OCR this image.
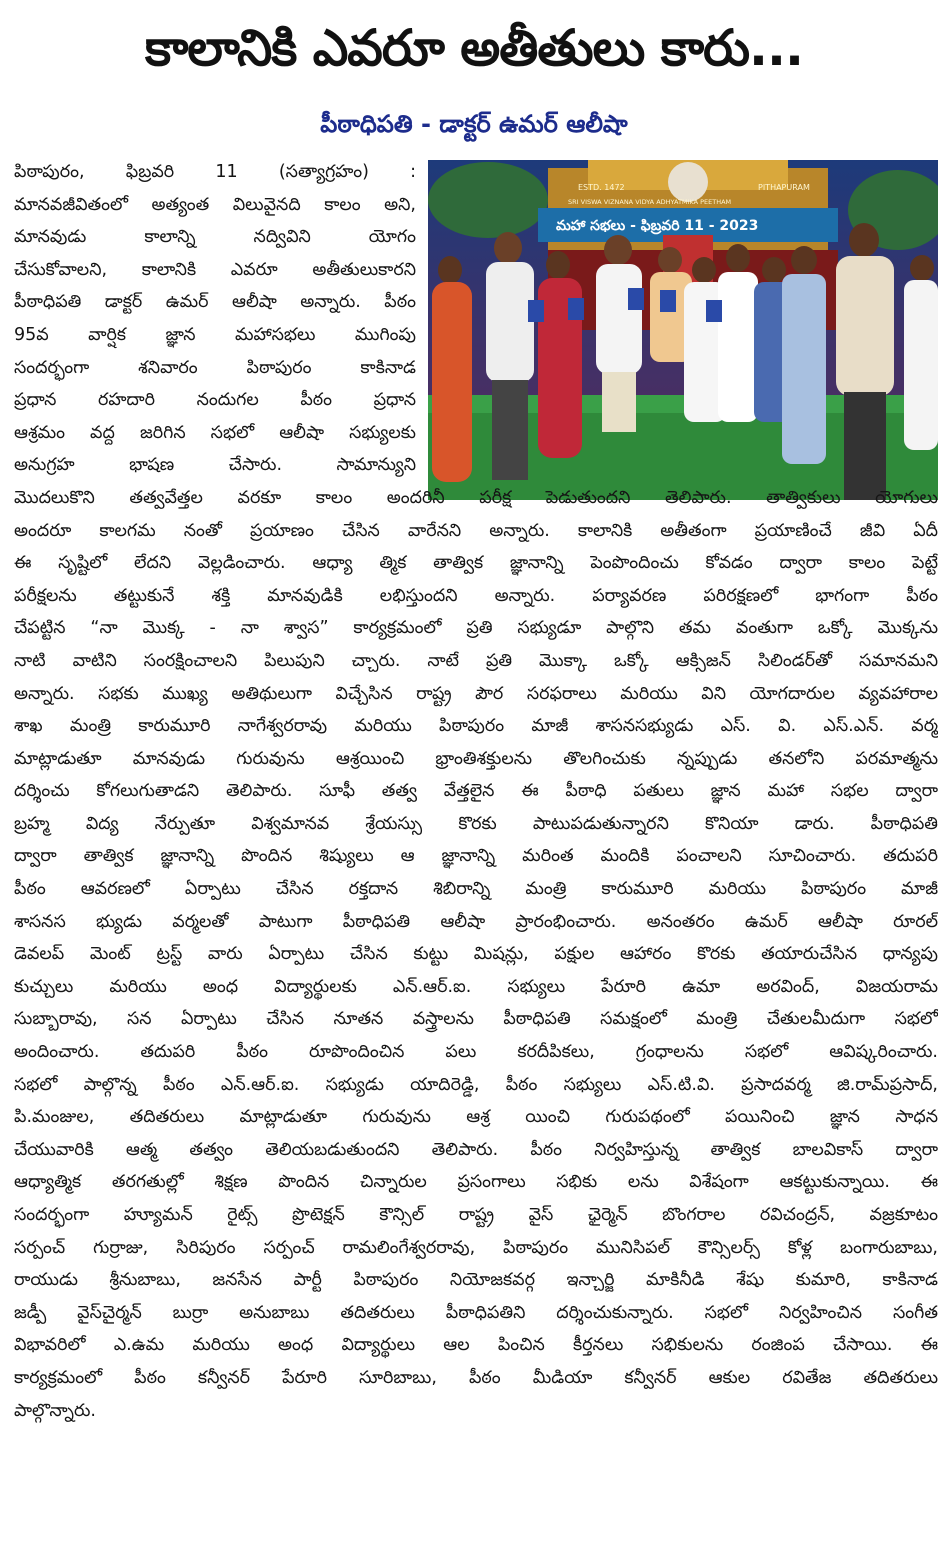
కాలానికి ఎవరూ అతీతులు కారు...
పీఠాధిపతి - డాక్టర్ ఉమర్ ఆలీషా
ESTD. 1472	PITHAPURAM
SRI VISWA VIZNANA VIDYA ADHYATMIKA PEETHAM
మహా సభలు - ఫిబ్రవరి 11 - 2023
పిఠాపురం, ఫిబ్రవరి 11 (సత్యాగ్రహం) :
మానవజీవితంలో అత్యంత విలువైనది కాలం అని,
మానవుడు కాలాన్ని నద్వివిని యోగం
చేసుకోవాలని, కాలానికి ఎవరూ అతీతులుకారని
పీఠాధిపతి డాక్టర్ ఉమర్ ఆలీషా అన్నారు. పీఠం
95వ వార్షిక జ్ఞాన మహాసభలు ముగింపు
సందర్భంగా శనివారం పిఠాపురం కాకినాడ
ప్రధాన రహదారి నందుగల పీఠం ప్రధాన
ఆశ్రమం వద్ద జరిగిన సభలో ఆలీషా సభ్యులకు
అనుగ్రహ భాషణ చేసారు. సామాన్యుని
మొదలుకొని తత్వవేత్తల వరకూ కాలం అందరినీ పరీక్ష పెడుతుందని తెలిపారు. తాత్వికులు యోగులు
అందరూ కాలగమ నంతో ప్రయాణం చేసిన వారేనని అన్నారు. కాలానికి అతీతంగా ప్రయాణించే జీవి ఏదీ
ఈ సృష్టిలో లేదని వెల్లడించారు. ఆధ్యా త్మిక తాత్విక జ్ఞానాన్ని పెంపొందించు కోవడం ద్వారా కాలం పెట్టే
పరీక్షలను తట్టుకునే శక్తి మానవుడికి లభిస్తుందని అన్నారు. పర్యావరణ పరిరక్షణలో భాగంగా పీఠం
చేపట్టిన “నా మొక్క - నా శ్వాస” కార్యక్రమంలో ప్రతి సభ్యుడూ పాల్గొని తమ వంతుగా ఒక్కో మొక్కను
నాటి వాటిని సంరక్షించాలని పిలుపుని చ్చారు. నాటే ప్రతి మొక్కా ఒక్కో ఆక్సిజన్ సిలిండర్‌తో సమానమని
అన్నారు. సభకు ముఖ్య అతిథులుగా విచ్చేసిన రాష్ట్ర పౌర సరఫరాలు మరియు విని యోగదారుల వ్యవహారాల
శాఖ మంత్రి కారుమూరి నాగేశ్వరరావు మరియు పిఠాపురం మాజీ శాసనసభ్యుడు ఎస్. వి. ఎస్.ఎన్. వర్మ
మాట్లాడుతూ మానవుడు గురువును ఆశ్రయించి భ్రాంతిశక్తులను తొలగించుకు న్నప్పుడు తనలోని పరమాత్మను
దర్శించు కోగలుగుతాడని తెలిపారు. సూఫీ తత్వ వేత్తలైన ఈ పీఠాధి పతులు జ్ఞాన మహా సభల ద్వారా
బ్రహ్మ విద్య నేర్పుతూ విశ్వమానవ శ్రేయస్సు కొరకు పాటుపడుతున్నారని కొనియా డారు. పీఠాధిపతి
ద్వారా తాత్విక జ్ఞానాన్ని పొందిన శిష్యులు ఆ జ్ఞానాన్ని మరింత మందికి పంచాలని సూచించారు. తదుపరి
పీఠం ఆవరణలో ఏర్పాటు చేసిన రక్తదాన శిబిరాన్ని మంత్రి కారుమూరి మరియు పిఠాపురం మాజీ
శాసనస భ్యుడు వర్మలతో పాటుగా పీఠాధిపతి ఆలీషా ప్రారంభించారు. అనంతరం ఉమర్ ఆలీషా రూరల్
డెవలప్ మెంట్ ట్రస్ట్ వారు ఏర్పాటు చేసిన కుట్టు మిషన్లు, పక్షుల ఆహారం కొరకు తయారుచేసిన ధాన్యపు
కుచ్చులు మరియు అంధ విద్యార్థులకు ఎన్.ఆర్.ఐ. సభ్యులు పేరూరి ఉమా అరవింద్, విజయరామ
సుబ్బారావు, సన ఏర్పాటు చేసిన నూతన వస్త్రాలను పీఠాధిపతి సమక్షంలో మంత్రి చేతులమీదుగా సభలో
అందించారు. తదుపరి పీఠం రూపొందించిన పలు కరదీపికలు, గ్రంధాలను సభలో ఆవిష్కరించారు.
సభలో పాల్గొన్న పీఠం ఎన్.ఆర్.ఐ. సభ్యుడు యాదిరెడ్డి, పీఠం సభ్యులు ఎస్.టి.వి. ప్రసాదవర్మ జి.రామ్‌ప్రసాద్,
పి.మంజుల, తదితరులు మాట్లాడుతూ గురువును ఆశ్ర యించి గురుపథంలో పయినించి జ్ఞాన సాధన
చేయువారికి ఆత్మ తత్వం తెలియబడుతుందని తెలిపారు. పీఠం నిర్వహిస్తున్న తాత్విక బాలవికాస్ ద్వారా
ఆధ్యాత్మిక తరగతుల్లో శిక్షణ పొందిన చిన్నారుల ప్రసంగాలు సభికు లను విశేషంగా ఆకట్టుకున్నాయి. ఈ
సందర్భంగా హ్యూమన్ రైట్స్ ప్రొటెక్షన్ కౌన్సిల్ రాష్ట్ర వైస్ ఛైర్మెన్ బొంగరాల రవిచంద్రన్, వజ్రకూటం
సర్పంచ్ గుర్రాజు, సిరిపురం సర్పంచ్ రామలింగేశ్వరరావు, పిఠాపురం మునిసిపల్ కౌన్సిలర్స్ కోళ్ల బంగారుబాబు,
రాయుడు శ్రీనుబాబు, జనసేన పార్టీ పిఠాపురం నియోజకవర్గ ఇన్చార్జి మాకినీడి శేషు కుమారి, కాకినాడ
జడ్పీ వైస్‌చైర్మన్ బుర్రా అనుబాబు తదితరులు పీఠాధిపతిని దర్శించుకున్నారు. సభలో నిర్వహించిన సంగీత
విభావరిలో ఎ.ఉమ మరియు అంధ విద్యార్థులు ఆల పించిన కీర్తనలు సభికులను రంజింప చేసాయి. ఈ
కార్యక్రమంలో పీఠం కన్వీనర్ పేరూరి సూరిబాబు, పీఠం మీడియా కన్వీనర్ ఆకుల రవితేజ తదితరులు
పాల్గొన్నారు.
